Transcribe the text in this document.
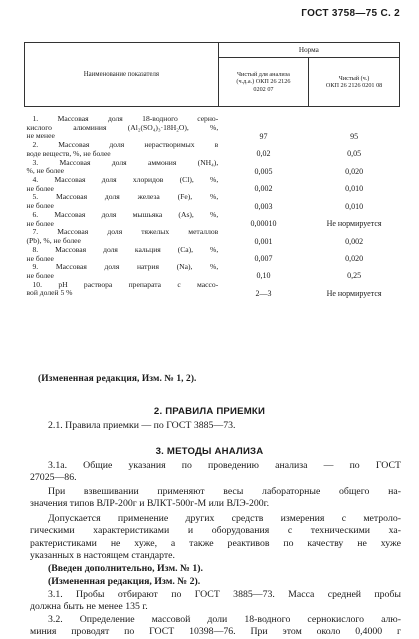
ГОСТ 3758—75 С. 2
Наименование показателя	Норма	

	Чистый для анализа
(ч.д.а.) ОКП 26 2126
0202 07	Чистый (ч.)
ОКП 26 2126 0201 08

1. Массовая доля 18-водного серно-
кислого алюминия (Al₂(SO₄)₃·18H₂O), %,
не менее	97	95

2. Массовая доля нерастворимых в
воде веществ, %, не более	0,02	0,05

3. Массовая доля аммония (NH₄),
%, не более	0,005	0,020

4. Массовая доля хлоридов (Cl), %,
не более	0,002	0,010

5. Массовая доля железа (Fe), %,
не более	0,003	0,010

6. Массовая доля мышьяка (As), %,
не более	0,00010	Не нормируется

7. Массовая доля тяжелых металлов
(Pb), %, не более	0,001	0,002

8. Массовая доля кальция (Ca), %,
не более	0,007	0,020

9. Массовая доля натрия (Na), %,
не более	0,10	0,25

10. pH раствора препарата с массо-
вой долей 5 %	2—3	Не нормируется
(Измененная редакция, Изм. № 1, 2).
2. ПРАВИЛА ПРИЕМКИ
2.1. Правила приемки — по ГОСТ 3885—73.
3. МЕТОДЫ АНАЛИЗА
3.1а. Общие указания по проведению анализа — по ГОСТ
27025—86.
При взвешивании применяют весы лабораторные общего на-
значения типов ВЛР-200г и ВЛКТ-500г-М или ВЛЭ-200г.
Допускается применение других средств измерения с метроло-
гическими характеристиками и оборудования с техническими ха-
рактеристиками не хуже, а также реактивов по качеству не хуже
указанных в настоящем стандарте.
(Введен дополнительно, Изм. № 1).
(Измененная редакция, Изм. № 2).
3.1. Пробы отбирают по ГОСТ 3885—73. Масса средней пробы
должна быть не менее 135 г.
3.2. Определение массовой доли 18-водного сернокислого алю-
миния проводят по ГОСТ 10398—76. При этом около 0,4000 г
